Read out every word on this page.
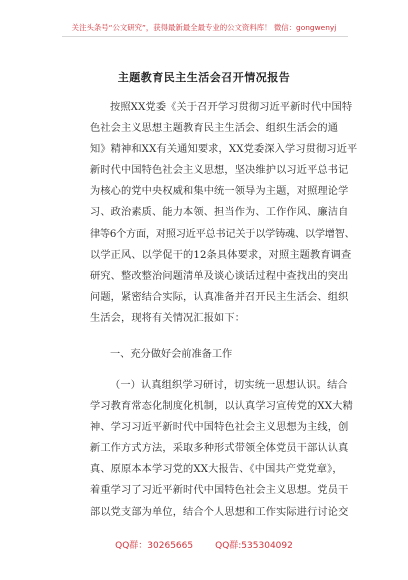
关注头条号“公文研究”，获得最新最全最专业的公文资料库！ 微信：gongwenyj
主题教育民主生活会召开情况报告
按照XX党委《关于召开学习贯彻习近平新时代中国特
色社会主义思想主题教育民主生活会、组织生活会的通
知》精神和XX有关通知要求，XX党委深入学习贯彻习近平
新时代中国特色社会主义思想，坚决维护以习近平总书记
为核心的党中央权威和集中统一领导为主题，对照理论学
习、政治素质、能力本领、担当作为、工作作风、廉洁自
律等6个方面，对照习近平总书记关于以学铸魂、以学增智、
以学正风、以学促干的12条具体要求，对照主题教育调查
研究、整改整治问题清单及谈心谈话过程中查找出的突出
问题，紧密结合实际，认真准备并召开民主生活会、组织
生活会，现将有关情况汇报如下：
一、充分做好会前准备工作
（一）认真组织学习研讨，切实统一思想认识。结合
学习教育常态化制度化机制，以认真学习宣传党的XX大精
神、学习习近平新时代中国特色社会主义思想为主线，创
新工作方式方法，采取多种形式带领全体党员干部认认真
真、原原本本学习党的XX大报告、《中国共产党党章》，
着重学习了习近平新时代中国特色社会主义思想。党员干
部以党支部为单位，结合个人思想和工作实际进行讨论交
QQ群：30265665 QQ群:535304092
